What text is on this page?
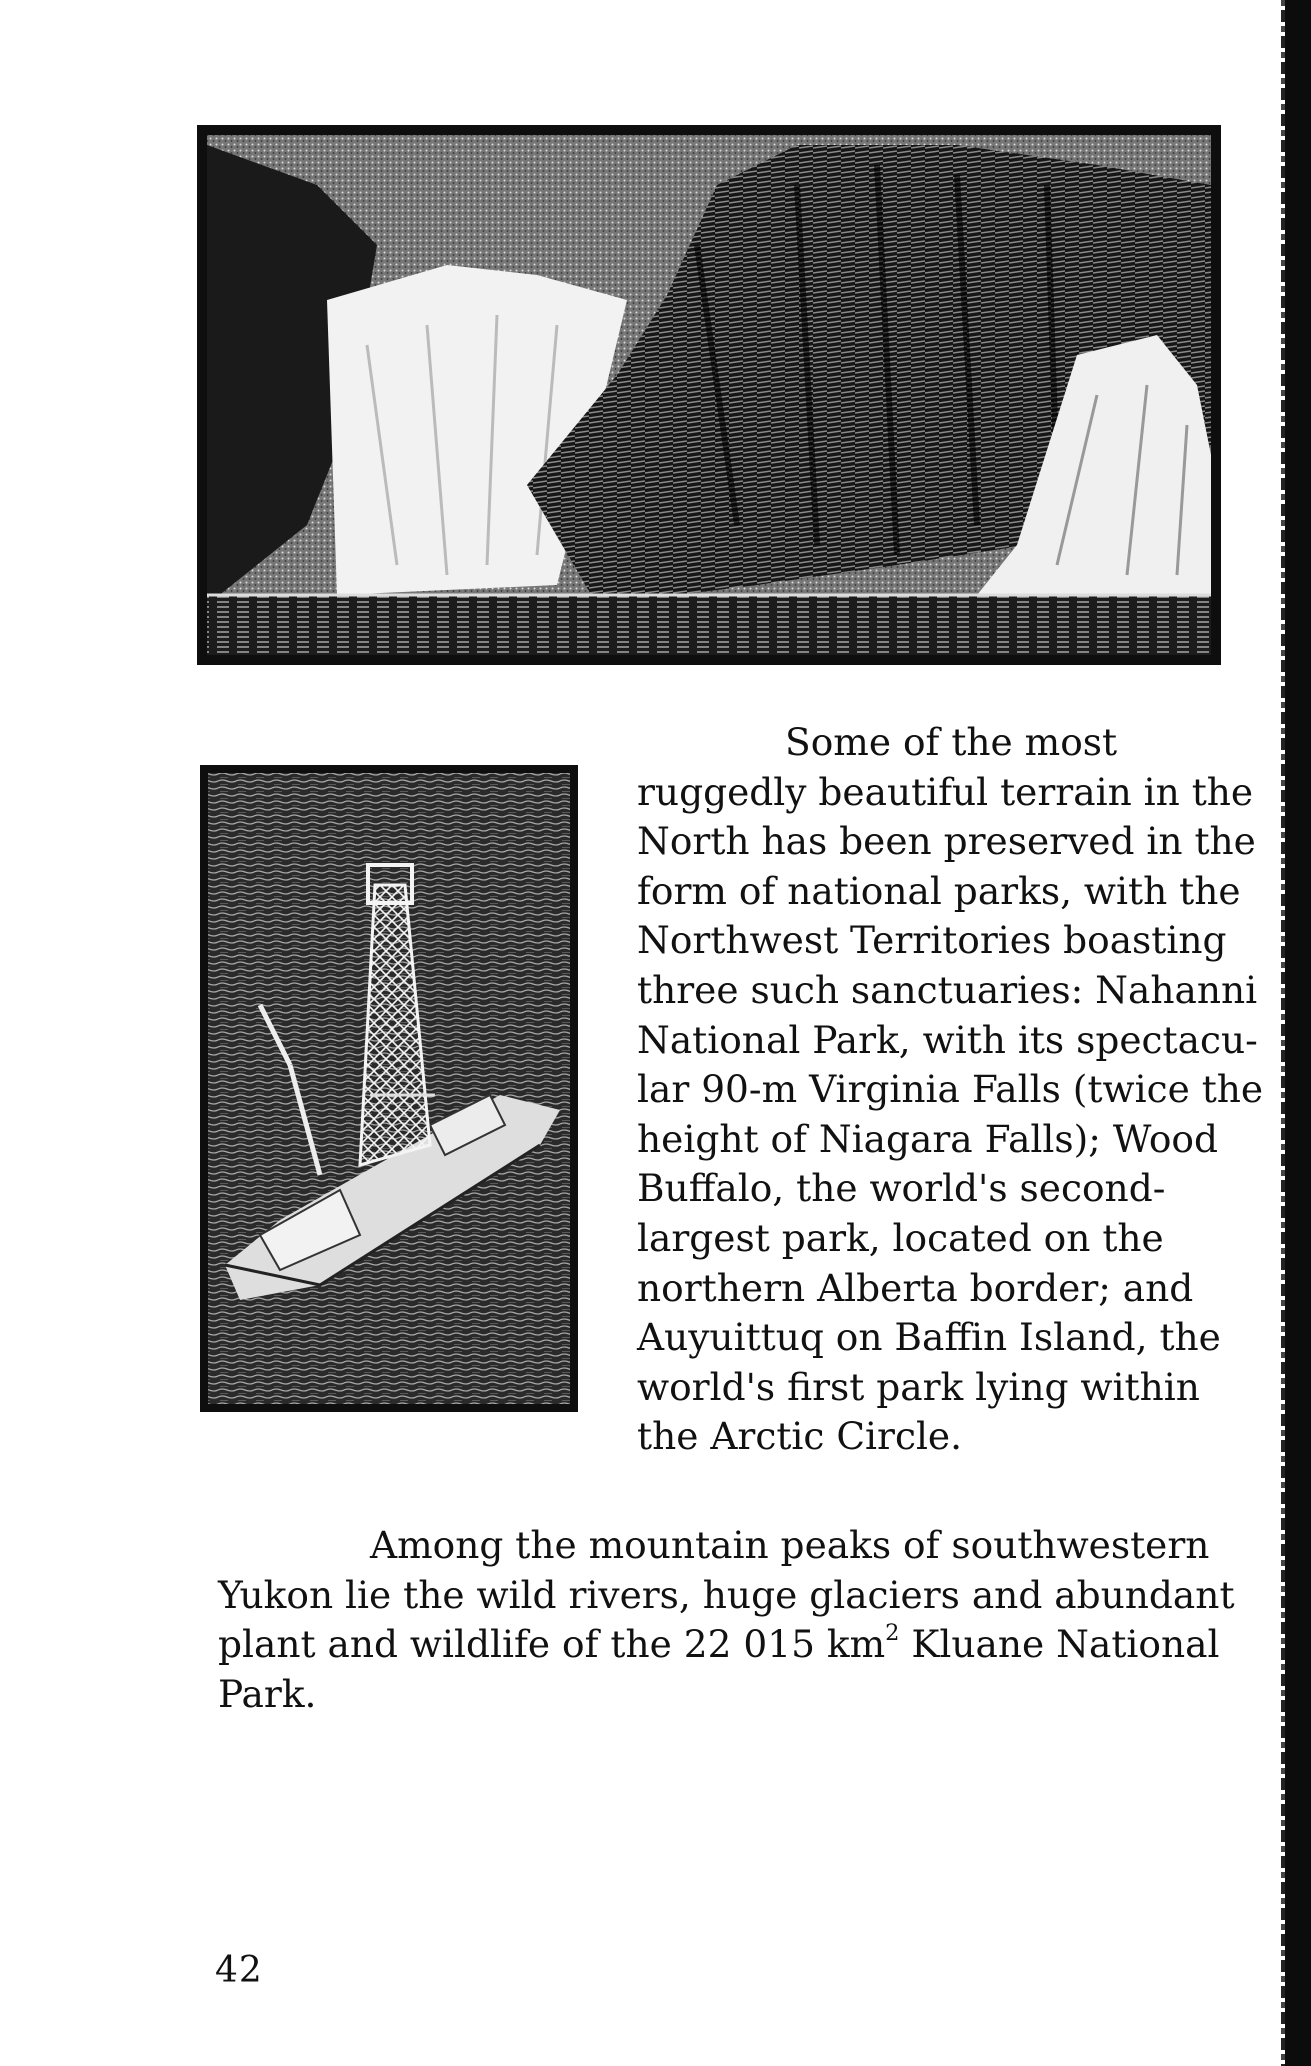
Some of the most
ruggedly beautiful terrain in the
North has been preserved in the
form of national parks, with the
Northwest Territories boasting
three such sanctuaries: Nahanni
National Park, with its spectacu-
lar 90-m Virginia Falls (twice the
height of Niagara Falls); Wood
Buffalo, the world's second-
largest park, located on the
northern Alberta border; and
Auyuittuq on Baffin Island, the
world's first park lying within
the Arctic Circle.
Among the mountain peaks of southwestern
Yukon lie the wild rivers, huge glaciers and abundant
plant and wildlife of the 22 015 $km^2$ Kluane National
Park.
42
